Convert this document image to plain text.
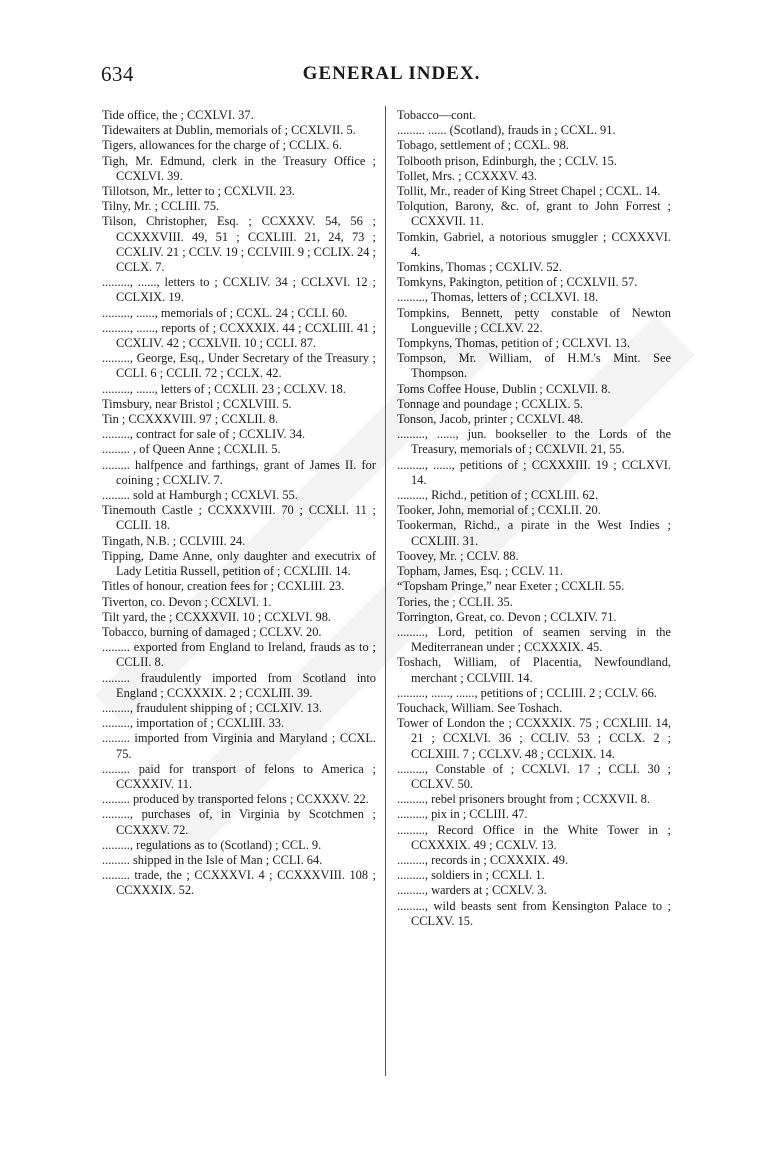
634	GENERAL INDEX.

Tide office, the ; CCXLVI. 37.

Tidewaiters at Dublin, memorials of ; CCXLVII. 5.

Tigers, allowances for the charge of ; CCLIX. 6.

Tigh, Mr. Edmund, clerk in the Treasury Office ; CCXLVI. 39.

Tillotson, Mr., letter to ; CCXLVII. 23.

Tilny, Mr. ; CCLIII. 75.

Tilson, Christopher, Esq. ; CCXXXV. 54, 56 ; CCXXXVIII. 49, 51 ; CCXLIII. 21, 24, 73 ; CCXLIV. 21 ; CCLV. 19 ; CCLVIII. 9 ; CCLIX. 24 ; CCLX. 7.

........., ......, letters to ; CCXLIV. 34 ; CCLXVI. 12 ; CCLXIX. 19.

........., ......, memorials of ; CCXL. 24 ; CCLI. 60.

........., ......, reports of ; CCXXXIX. 44 ; CCXLIII. 41 ; CCXLIV. 42 ; CCXLVII. 10 ; CCLI. 87.

........., George, Esq., Under Secretary of the Treasury ; CCLI. 6 ; CCLII. 72 ; CCLX. 42.

........., ......, letters of ; CCXLII. 23 ; CCLXV. 18.

Timsbury, near Bristol ; CCXLVIII. 5.

Tin ; CCXXXVIII. 97 ; CCXLII. 8.

........., contract for sale of ; CCXLIV. 34.

......... , of Queen Anne ; CCXLII. 5.

......... halfpence and farthings, grant of James II. for coining ; CCXLIV. 7.

......... sold at Hamburgh ; CCXLVI. 55.

Tinemouth Castle ; CCXXXVIII. 70 ; CCXLI. 11 ; CCLII. 18.

Tingath, N.B. ; CCLVIII. 24.

Tipping, Dame Anne, only daughter and executrix of Lady Letitia Russell, petition of ; CCXLIII. 14.

Titles of honour, creation fees for ; CCXLIII. 23.

Tiverton, co. Devon ; CCXLVI. 1.

Tilt yard, the ; CCXXXVII. 10 ; CCXLVI. 98.

Tobacco, burning of damaged ; CCLXV. 20.

......... exported from England to Ireland, frauds as to ; CCLII. 8.

......... fraudulently imported from Scotland into England ; CCXXXIX. 2 ; CCXLIII. 39.

........., fraudulent shipping of ; CCLXIV. 13.

........., importation of ; CCXLIII. 33.

......... imported from Virginia and Maryland ; CCXL. 75.

......... paid for transport of felons to America ; CCXXXIV. 11.

......... produced by transported felons ; CCXXXV. 22.

........., purchases of, in Virginia by Scotchmen ; CCXXXV. 72.

........., regulations as to (Scotland) ; CCL. 9.

......... shipped in the Isle of Man ; CCLI. 64.

......... trade, the ; CCXXXVI. 4 ; CCXXXVIII. 108 ; CCXXXIX. 52.

Tobacco—cont.

......... ...... (Scotland), frauds in ; CCXL. 91.

Tobago, settlement of ; CCXL. 98.

Tolbooth prison, Edinburgh, the ; CCLV. 15.

Tollet, Mrs. ; CCXXXV. 43.

Tollit, Mr., reader of King Street Chapel ; CCXL. 14.

Tolqution, Barony, &c. of, grant to John Forrest ; CCXXVII. 11.

Tomkin, Gabriel, a notorious smuggler ; CCXXXVI. 4.

Tomkins, Thomas ; CCXLIV. 52.

Tomkyns, Pakington, petition of ; CCXLVII. 57.

........., Thomas, letters of ; CCLXVI. 18.

Tompkins, Bennett, petty constable of Newton Longueville ; CCLXV. 22.

Tompkyns, Thomas, petition of ; CCLXVI. 13.

Tompson, Mr. William, of H.M.'s Mint. See Thompson.

Toms Coffee House, Dublin ; CCXLVII. 8.

Tonnage and poundage ; CCXLIX. 5.

Tonson, Jacob, printer ; CCXLVI. 48.

........., ......, jun. bookseller to the Lords of the Treasury, memorials of ; CCXLVII. 21, 55.

........., ......, petitions of ; CCXXXIII. 19 ; CCLXVI. 14.

........., Richd., petition of ; CCXLIII. 62.

Tooker, John, memorial of ; CCXLII. 20.

Tookerman, Richd., a pirate in the West Indies ; CCXLIII. 31.

Toovey, Mr. ; CCLV. 88.

Topham, James, Esq. ; CCLV. 11.

“Topsham Pringe,” near Exeter ; CCXLII. 55.

Tories, the ; CCLII. 35.

Torrington, Great, co. Devon ; CCLXIV. 71.

........., Lord, petition of seamen serving in the Mediterranean under ; CCXXXIX. 45.

Toshach, William, of Placentia, Newfoundland, merchant ; CCLVIII. 14.

........., ......, ......, petitions of ; CCLIII. 2 ; CCLV. 66.

Touchack, William. See Toshach.

Tower of London the ; CCXXXIX. 75 ; CCXLIII. 14, 21 ; CCXLVI. 36 ; CCLIV. 53 ; CCLX. 2 ; CCLXIII. 7 ; CCLXV. 48 ; CCLXIX. 14.

........., Constable of ; CCXLVI. 17 ; CCLI. 30 ; CCLXV. 50.

........., rebel prisoners brought from ; CCXXVII. 8.

........., pix in ; CCLIII. 47.

........., Record Office in the White Tower in ; CCXXXIX. 49 ; CCXLV. 13.

........., records in ; CCXXXIX. 49.

........., soldiers in ; CCXLI. 1.

........., warders at ; CCXLV. 3.

........., wild beasts sent from Kensington Palace to ; CCLXV. 15.
